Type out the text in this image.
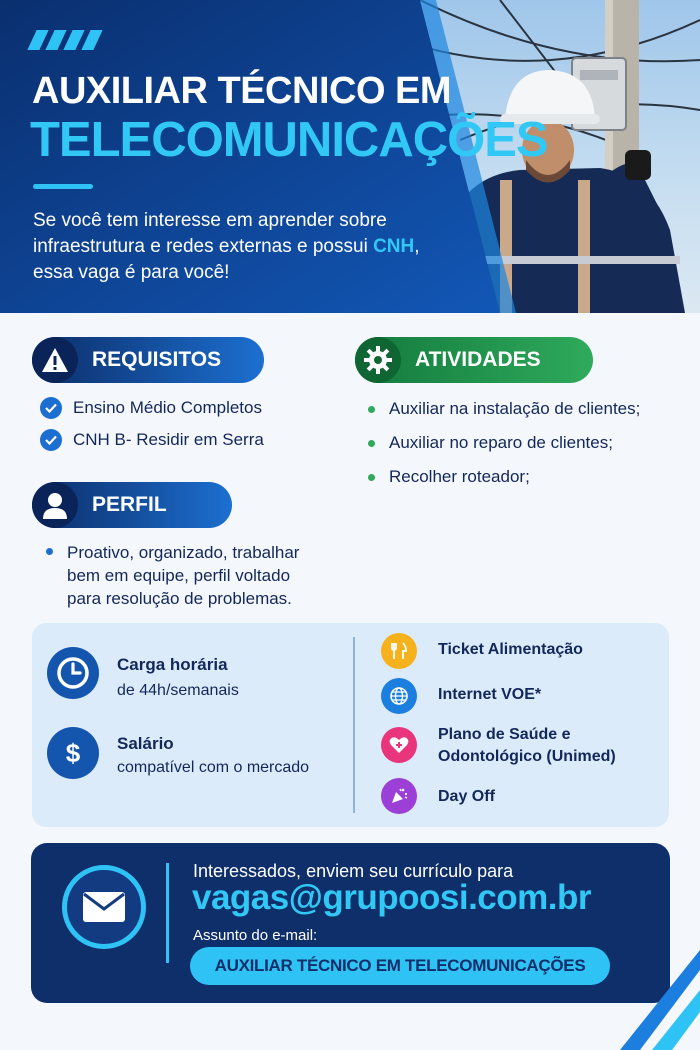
AUXILIAR TÉCNICO EM
TELECOMUNICAÇÕES
Se você tem interesse em aprender sobre infraestrutura e redes externas e possui CNH, essa vaga é para você!
REQUISITOS
Ensino Médio Completos
CNH B- Residir em Serra
ATIVIDADES
Auxiliar na instalação de clientes;
Auxiliar no reparo de clientes;
Recolher roteador;
PERFIL
Proativo, organizado, trabalhar
bem em equipe, perfil voltado
para resolução de problemas.
Carga horária
de 44h/semanais
$ Salário
compatível com o mercado
Ticket Alimentação
Internet VOE*
Plano de Saúde e
Odontológico (Unimed)
Day Off
Interessados, enviem seu currículo para
vagas@grupoosi.com.br
Assunto do e-mail:
AUXILIAR TÉCNICO EM TELECOMUNICAÇÕES
